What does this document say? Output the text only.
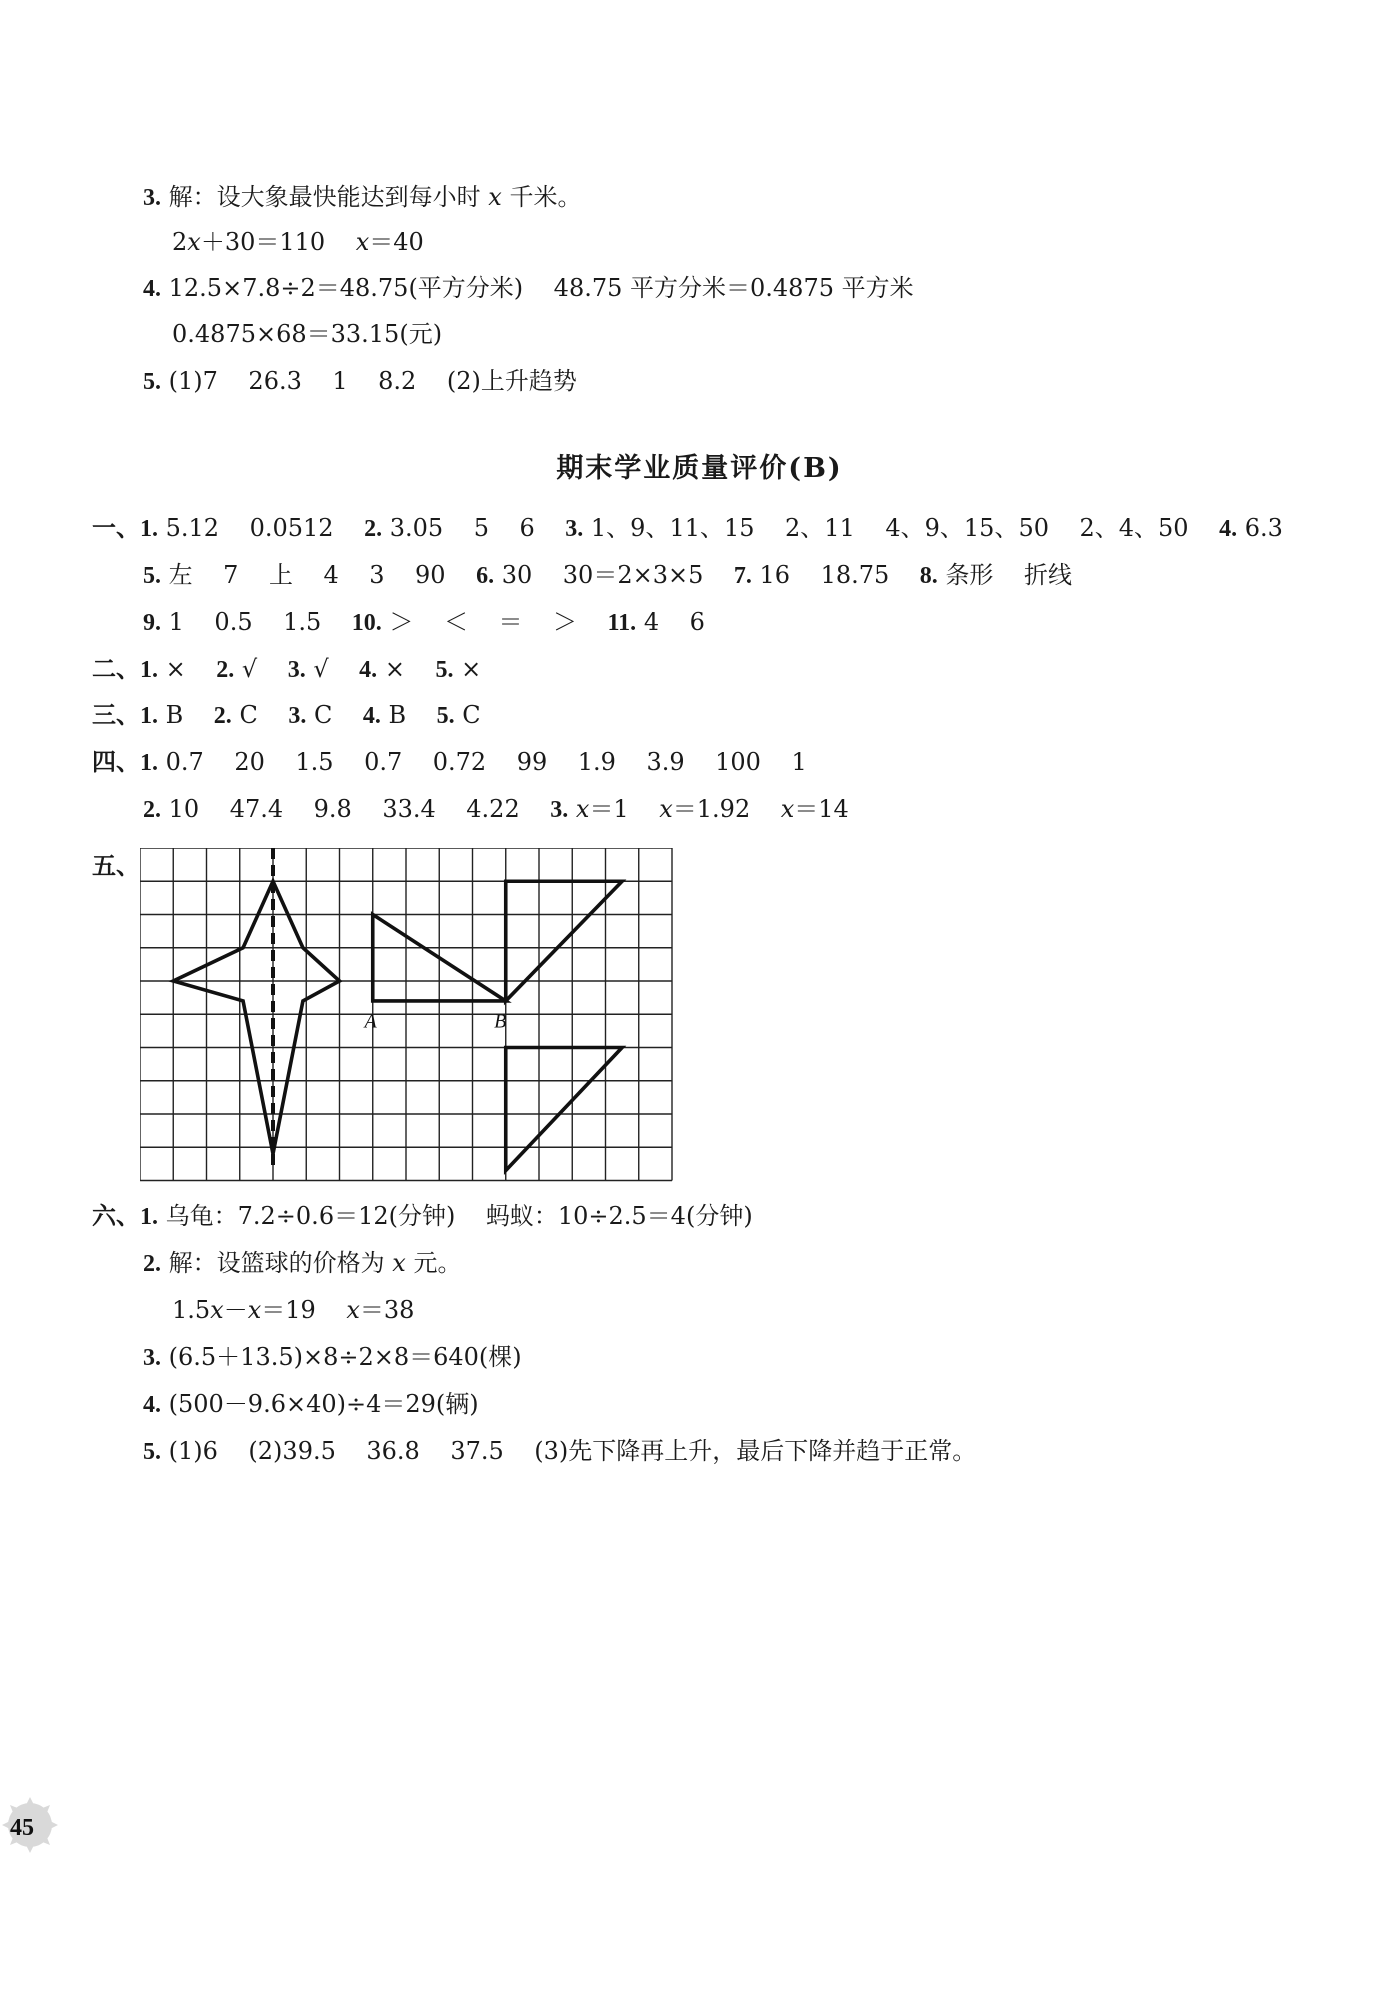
3. 解：设大象最快能达到每小时 x 千米。
2x＋30＝110    x＝40
4. 12.5×7.8÷2＝48.75(平方分米)    48.75 平方分米＝0.4875 平方米
0.4875×68＝33.15(元)
5. (1)7    26.3    1    8.2    (2)上升趋势
期末学业质量评价(B)
一、1. 5.12    0.0512    2. 3.05    5    6    3. 1、9、11、15    2、11    4、9、15、50    2、4、50    4. 6.3
5. 左    7    上    4    3    90    6. 30    30＝2×3×5    7. 16    18.75    8. 条形    折线
9. 1    0.5    1.5    10. ＞    ＜    ＝    ＞    11. 4    6
二、1. ×    2. √    3. √    4. ×    5. ×
三、1. B    2. C    3. C    4. B    5. C
四、1. 0.7    20    1.5    0.7    0.72    99    1.9    3.9    100    1
2. 10    47.4    9.8    33.4    4.22    3. x＝1    x＝1.92    x＝14
五、
A	B
六、1. 乌龟：7.2÷0.6＝12(分钟)    蚂蚁：10÷2.5＝4(分钟)
2. 解：设篮球的价格为 x 元。
1.5x－x＝19    x＝38
3. (6.5＋13.5)×8÷2×8＝640(棵)
4. (500－9.6×40)÷4＝29(辆)
5. (1)6    (2)39.5    36.8    37.5    (3)先下降再上升，最后下降并趋于正常。
45
